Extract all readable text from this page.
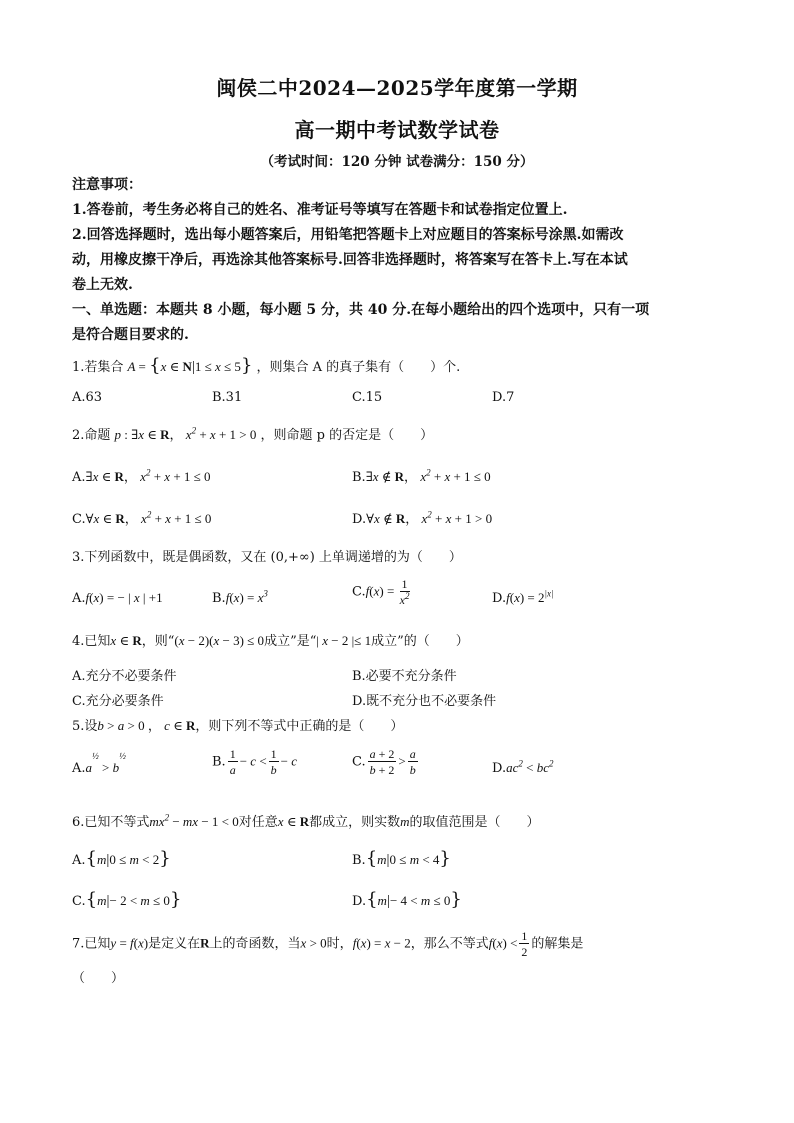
闽侯二中2024—2025学年度第一学期
高一期中考试数学试卷
（考试时间：120 分钟 试卷满分：150 分）
注意事项：
1.答卷前，考生务必将自己的姓名、准考证号等填写在答题卡和试卷指定位置上.
2.回答选择题时，选出每小题答案后，用铅笔把答题卡上对应题目的答案标号涂黑.如需改
动，用橡皮擦干净后，再选涂其他答案标号.回答非选择题时，将答案写在答卡上.写在本试
卷上无效.
一、单选题：本题共 8 小题，每小题 5 分，共 40 分.在每小题给出的四个选项中，只有一项
是符合题目要求的.
1.若集合 A = {x ∈ N|1 ≤ x ≤ 5} ，则集合 A 的真子集有（　　）个.
A.63	B.31	C.15	D.7
2.命题 p : ∃x ∈ R， $x^2 + x + 1 > 0$ ，则命题 p 的否定是（　　）
A.∃x ∈ R， $x^2 + x + 1 \le 0$	B.∃x ∉ R， $x^2 + x + 1 \le 0$
C.∀x ∈ R， $x^2 + x + 1 \le 0$	D.∀x ∉ R， $x^2 + x + 1 > 0$
3.下列函数中，既是偶函数，又在 (0,+∞) 上单调递增的为（　　）
A.f(x) = − | x | +1	$B.f(x) = x^3$	$C.f(x) = \frac{1}{x^2}$	$D.f(x) = 2^{|x|}$
4.已知x ∈ R，则“(x − 2)(x − 3) ≤ 0成立”是“| x − 2 |≤ 1成立”的（　　）
A.充分不必要条件	B.必要不充分条件
C.充分必要条件	D.既不充分也不必要条件
5.设b > a > 0 ， c ∈ R，则下列不等式中正确的是（　　）
$A.a^{\frac{1}{2}} > b^{\frac{1}{2}}$	B. $\frac{1}{a} - c < \frac{1}{b} - c$	C. $\frac{a + 2}{b + 2} > \frac{a}{b}$	$D.ac^2 < bc^2$
6.已知不等式$mx^2$ − mx − 1 < 0对任意x ∈ R都成立，则实数m的取值范围是（　　）
A.{m|0 ≤ m < 2}	B.{m|0 ≤ m < 4}
C.{m|− 2 < m ≤ 0}	D.{m|− 4 < m ≤ 0}
7.已知y = f(x)是定义在R上的奇函数，当x > 0时，f(x) = x − 2，那么不等式$f(x) < \frac{1}{2}$ 的解集是
（　　）
